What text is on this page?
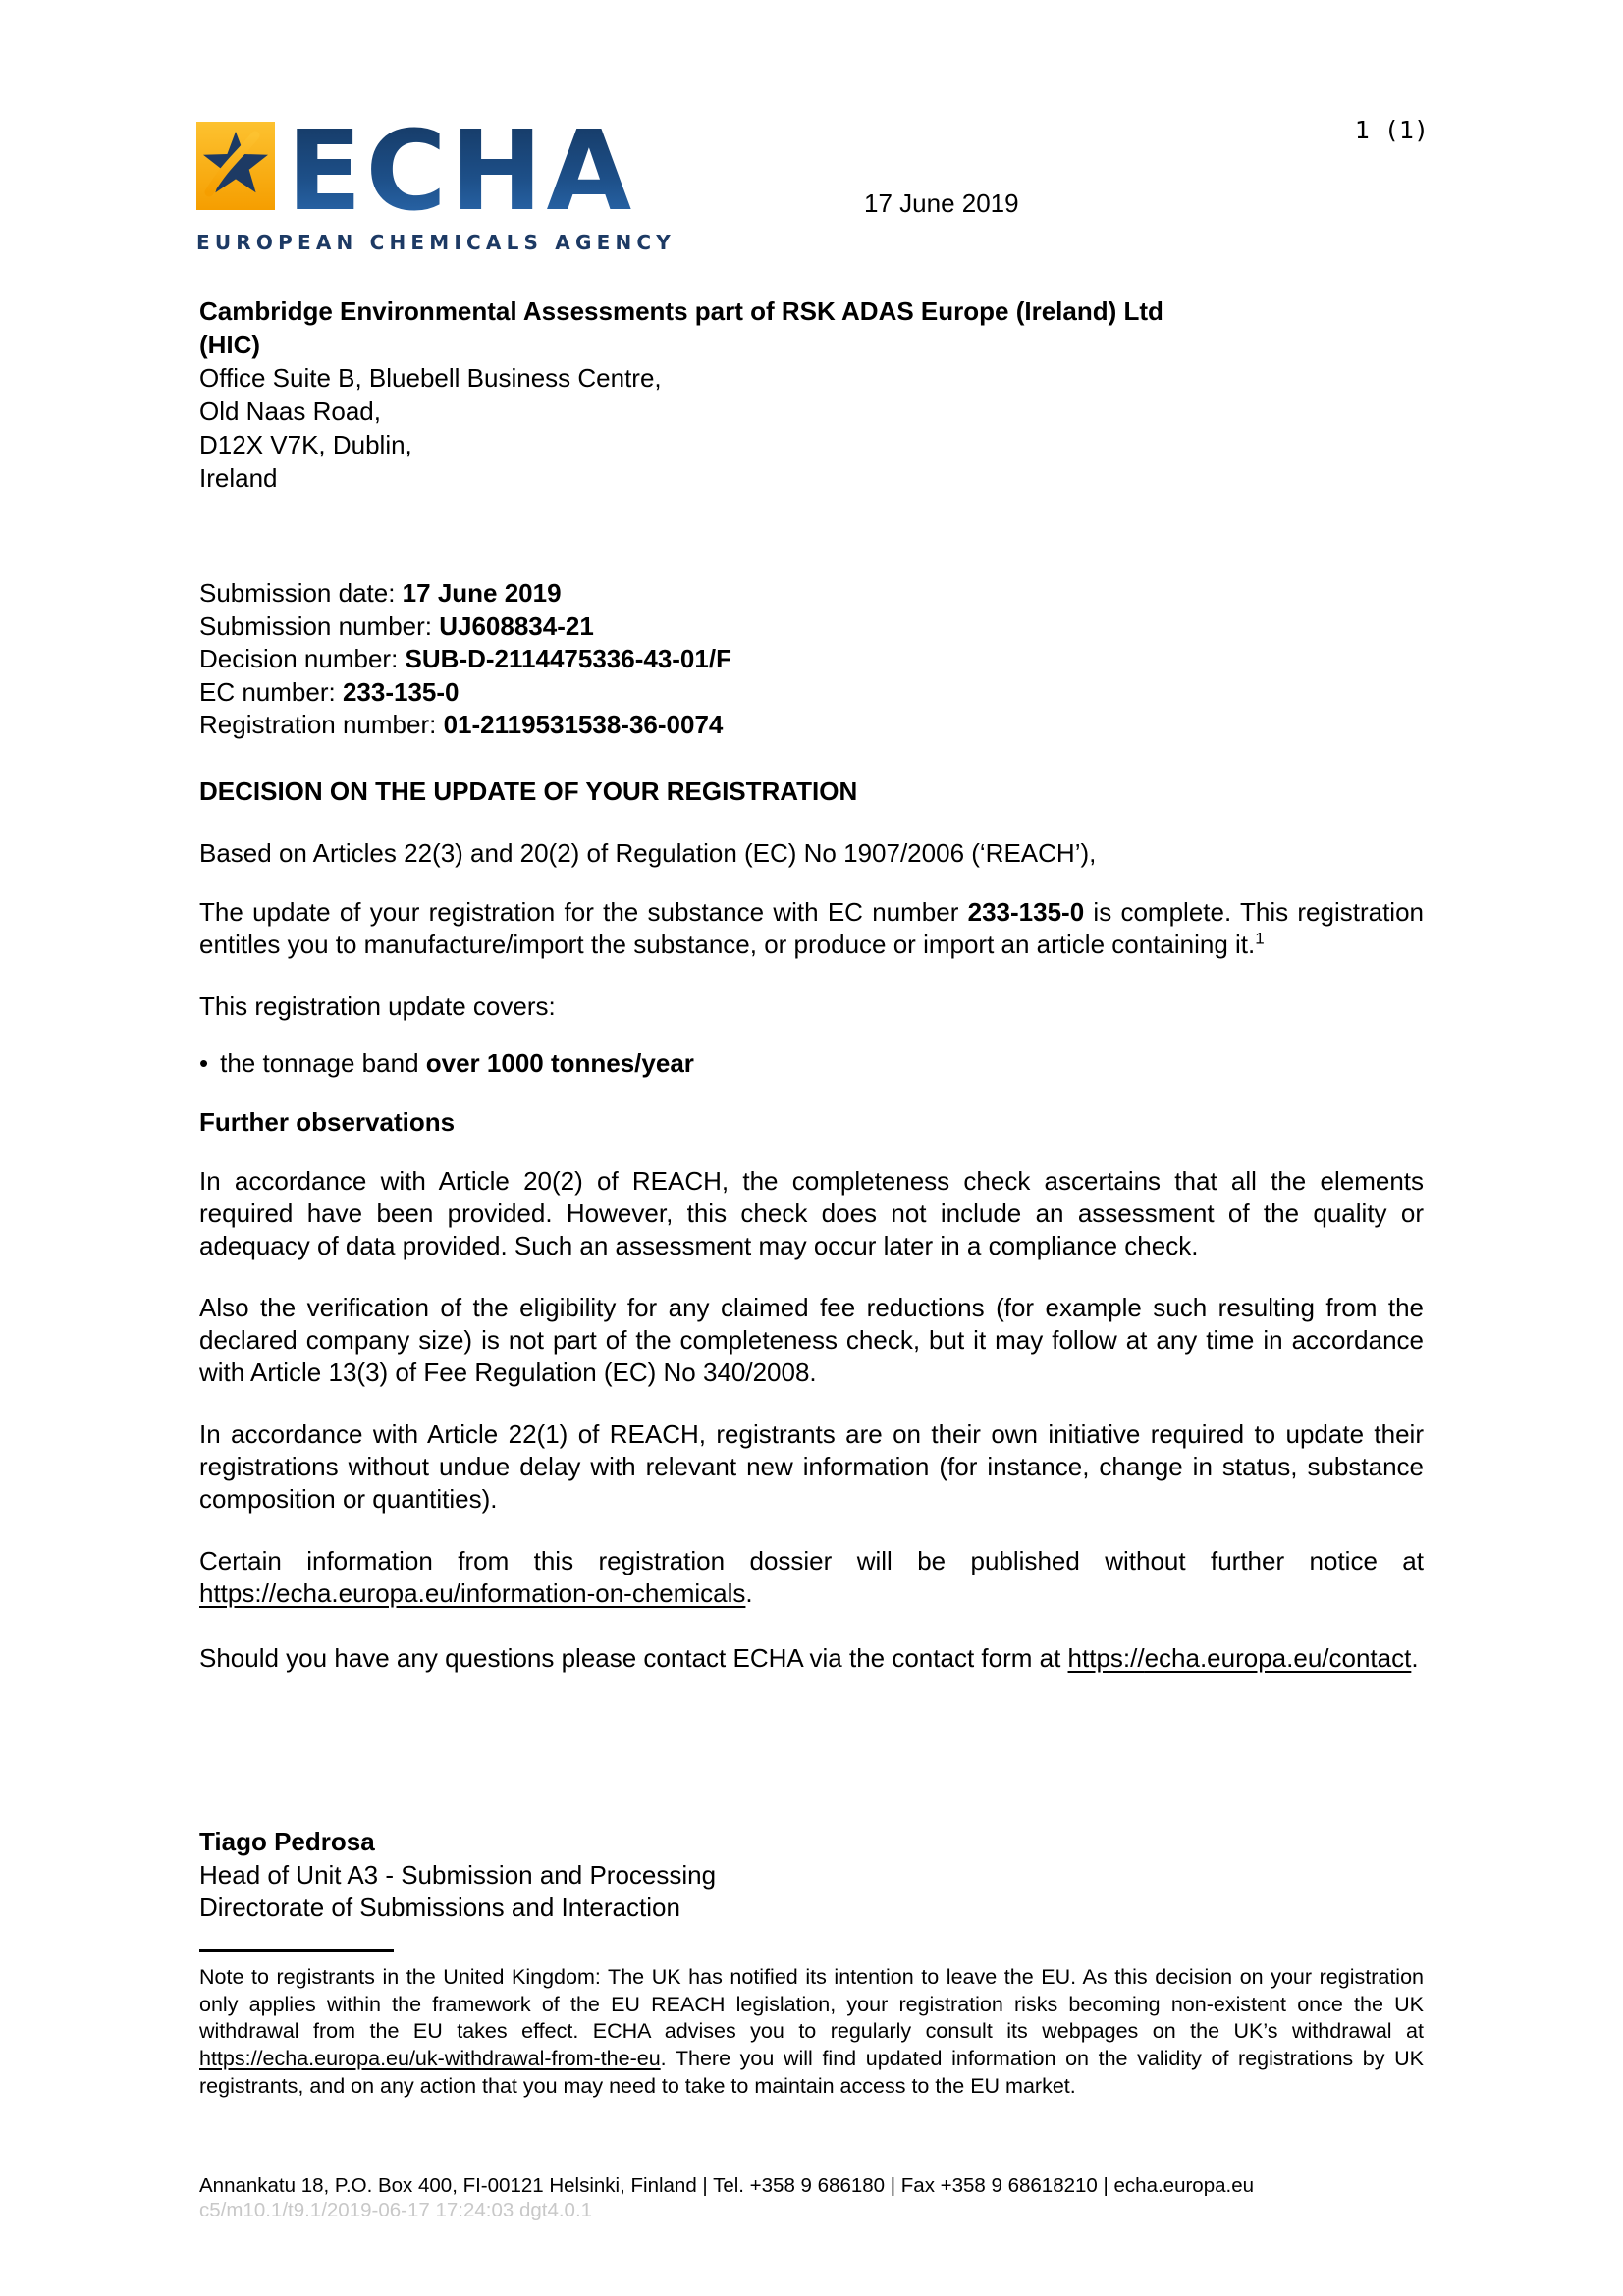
1 (1)
ECHA
EUROPEAN CHEMICALS AGENCY
17 June 2019
Cambridge Environmental Assessments part of RSK ADAS Europe (Ireland) Ltd
(HIC)
Office Suite B, Bluebell Business Centre,
Old Naas Road,
D12X V7K, Dublin,
Ireland
Submission date: 17 June 2019
Submission number: UJ608834-21
Decision number: SUB-D-2114475336-43-01/F
EC number: 233-135-0
Registration number: 01-2119531538-36-0074

DECISION ON THE UPDATE OF YOUR REGISTRATION

Based on Articles 22(3) and 20(2) of Regulation (EC) No 1907/2006 (‘REACH’),

The update of your registration for the substance with EC number 233-135-0 is complete. This registration entitles you to manufacture/import the substance, or produce or import an article containing it.$^1$

This registration update covers:

• the tonnage band over 1000 tonnes/year

Further observations

In accordance with Article 20(2) of REACH, the completeness check ascertains that all the elements required have been provided. However, this check does not include an assessment of the quality or adequacy of data provided. Such an assessment may occur later in a compliance check.

Also the verification of the eligibility for any claimed fee reductions (for example such resulting from the declared company size) is not part of the completeness check, but it may follow at any time in accordance with Article 13(3) of Fee Regulation (EC) No 340/2008.

In accordance with Article 22(1) of REACH, registrants are on their own initiative required to update their registrations without undue delay with relevant new information (for instance, change in status, substance composition or quantities).

Certain information from this registration dossier will be published without further notice at https://echa.europa.eu/information-on-chemicals.

Should you have any questions please contact ECHA via the contact form at https://echa.europa.eu/contact.

Tiago Pedrosa
Head of Unit A3 - Submission and Processing
Directorate of Submissions and Interaction
Note to registrants in the United Kingdom: The UK has notified its intention to leave the EU. As this decision on your registration only applies within the framework of the EU REACH legislation, your registration risks becoming non-existent once the UK withdrawal from the EU takes effect. ECHA advises you to regularly consult its webpages on the UK’s withdrawal at https://echa.europa.eu/uk-withdrawal-from-the-eu. There you will find updated information on the validity of registrations by UK registrants, and on any action that you may need to take to maintain access to the EU market.
Annankatu 18, P.O. Box 400, FI-00121 Helsinki, Finland | Tel. +358 9 686180 | Fax +358 9 68618210 | echa.europa.eu
c5/m10.1/t9.1/2019-06-17 17:24:03 dgt4.0.1
